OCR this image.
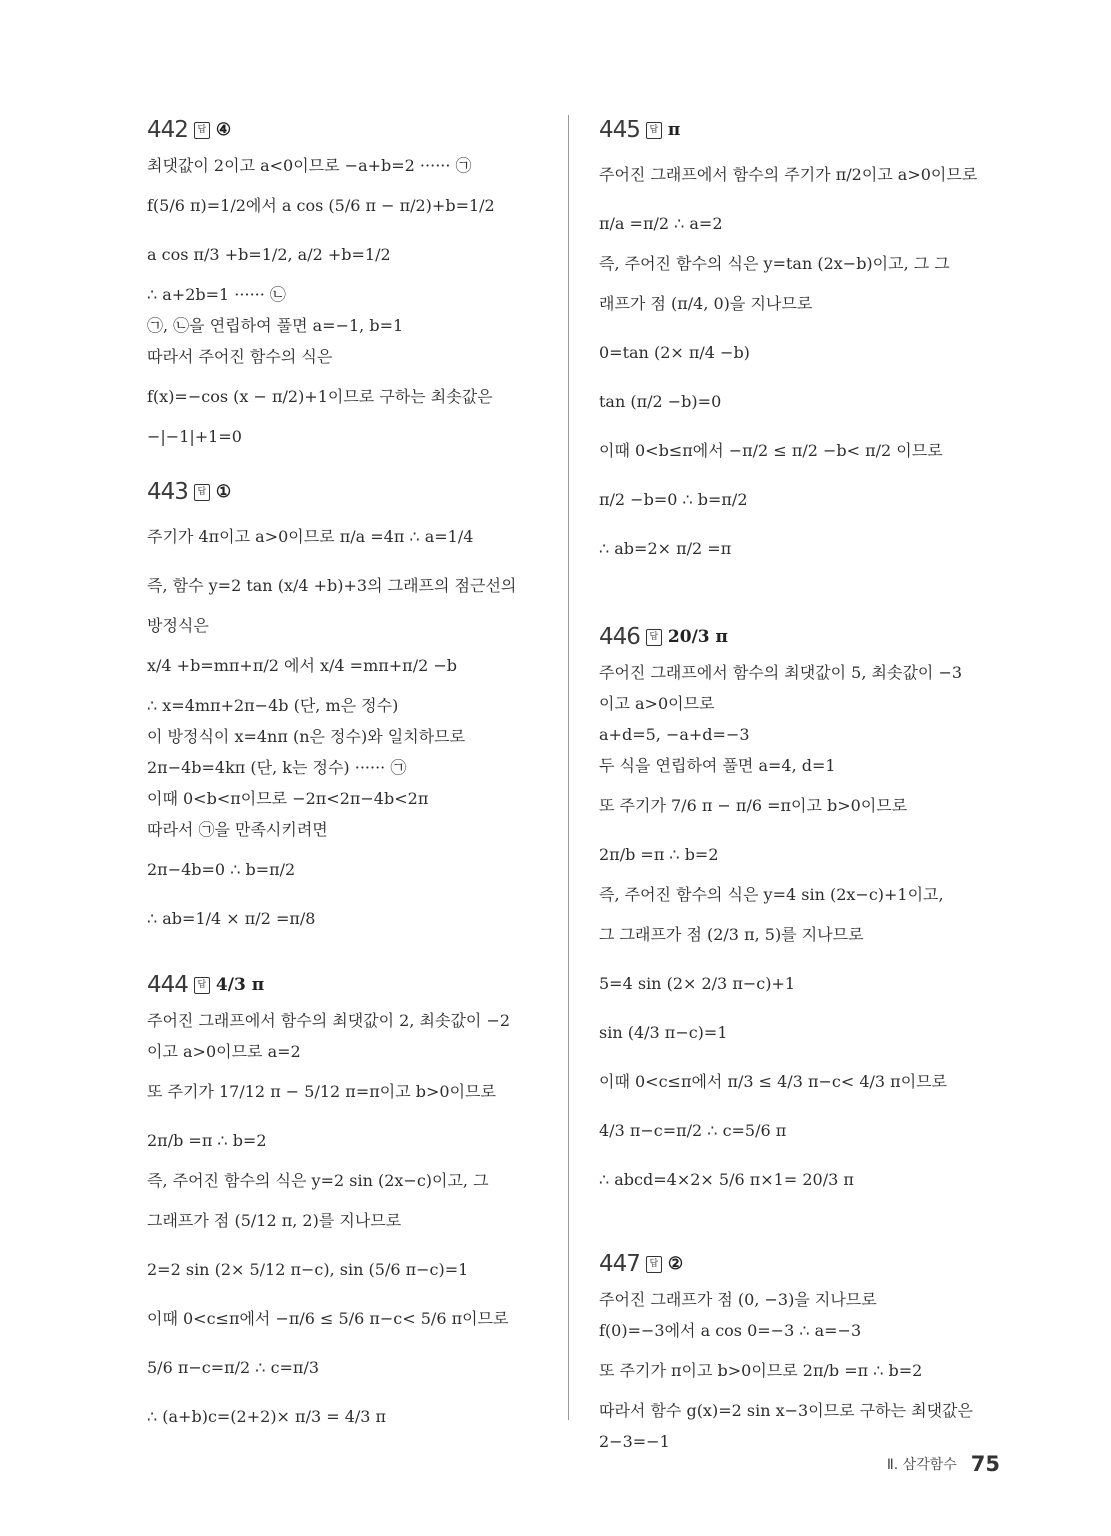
442	답 ④
최댓값이 2이고 a<0이므로 −a+b=2 ······ ㉠
f(5/6 π)=1/2에서 a cos (5/6 π − π/2)+b=1/2
a cos π/3 +b=1/2, a/2 +b=1/2
∴ a+2b=1 ······ ㉡
㉠, ㉡을 연립하여 풀면 a=−1, b=1
따라서 주어진 함수의 식은
f(x)=−cos (x − π/2)+1이므로 구하는 최솟값은
−|−1|+1=0
443	답 ①
주기가 4π이고 a>0이므로 π/a =4π ∴ a=1/4
즉, 함수 y=2 tan (x/4 +b)+3의 그래프의 점근선의
방정식은
x/4 +b=mπ+π/2 에서 x/4 =mπ+π/2 −b
∴ x=4mπ+2π−4b (단, m은 정수)
이 방정식이 x=4nπ (n은 정수)와 일치하므로
2π−4b=4kπ (단, k는 정수) ······ ㉠
이때 0<b<π이므로 −2π<2π−4b<2π
따라서 ㉠을 만족시키려면
2π−4b=0 ∴ b=π/2
∴ ab=1/4 × π/2 =π/8
444	답 4/3 π
주어진 그래프에서 함수의 최댓값이 2, 최솟값이 −2
이고 a>0이므로 a=2
또 주기가 17/12 π − 5/12 π=π이고 b>0이므로
2π/b =π ∴ b=2
즉, 주어진 함수의 식은 y=2 sin (2x−c)이고, 그
그래프가 점 (5/12 π, 2)를 지나므로
2=2 sin (2× 5/12 π−c), sin (5/6 π−c)=1
이때 0<c≤π에서 −π/6 ≤ 5/6 π−c< 5/6 π이므로
5/6 π−c=π/2 ∴ c=π/3
∴ (a+b)c=(2+2)× π/3 = 4/3 π
445	답 π
주어진 그래프에서 함수의 주기가 π/2이고 a>0이므로
π/a =π/2 ∴ a=2
즉, 주어진 함수의 식은 y=tan (2x−b)이고, 그 그
래프가 점 (π/4, 0)을 지나므로
0=tan (2× π/4 −b)
tan (π/2 −b)=0
이때 0<b≤π에서 −π/2 ≤ π/2 −b< π/2 이므로
π/2 −b=0 ∴ b=π/2
∴ ab=2× π/2 =π
446	답 20/3 π
주어진 그래프에서 함수의 최댓값이 5, 최솟값이 −3
이고 a>0이므로
a+d=5, −a+d=−3
두 식을 연립하여 풀면 a=4, d=1
또 주기가 7/6 π − π/6 =π이고 b>0이므로
2π/b =π ∴ b=2
즉, 주어진 함수의 식은 y=4 sin (2x−c)+1이고,
그 그래프가 점 (2/3 π, 5)를 지나므로
5=4 sin (2× 2/3 π−c)+1
sin (4/3 π−c)=1
이때 0<c≤π에서 π/3 ≤ 4/3 π−c< 4/3 π이므로
4/3 π−c=π/2 ∴ c=5/6 π
∴ abcd=4×2× 5/6 π×1= 20/3 π
447	답 ②
주어진 그래프가 점 (0, −3)을 지나므로
f(0)=−3에서 a cos 0=−3 ∴ a=−3
또 주기가 π이고 b>0이므로 2π/b =π ∴ b=2
따라서 함수 g(x)=2 sin x−3이므로 구하는 최댓값은
2−3=−1
Ⅱ. 삼각함수 75
